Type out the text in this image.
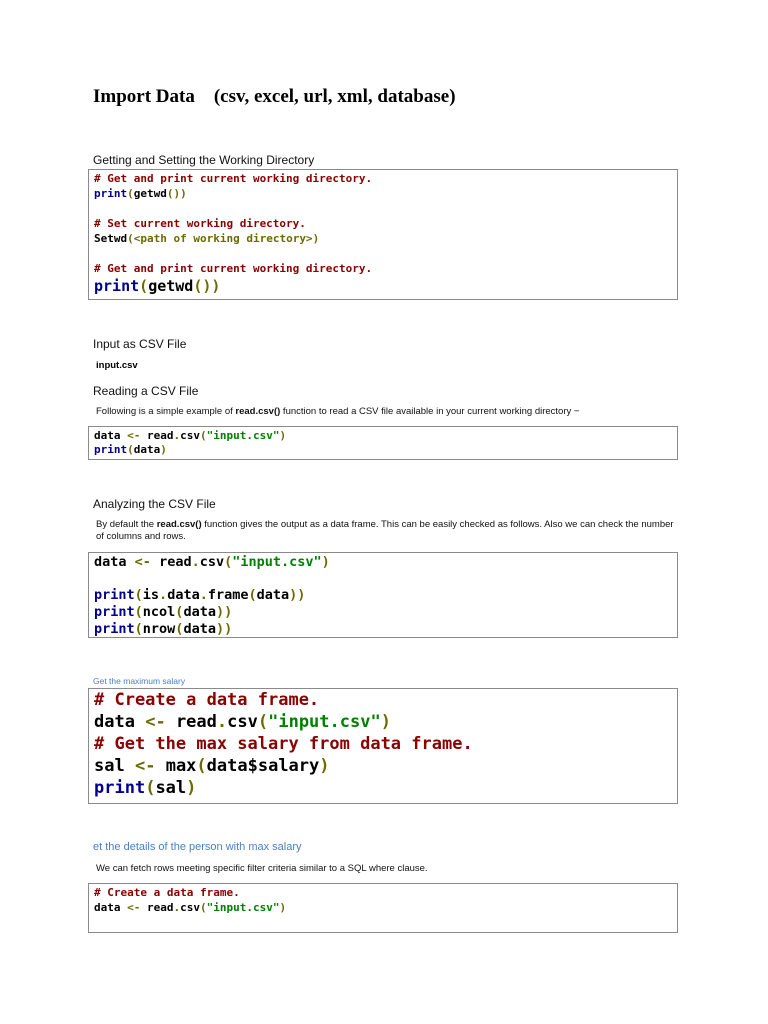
Import Data    (csv, excel, url, xml, database)
Getting and Setting the Working Directory
# Get and print current working directory.
print(getwd())
# Set current working directory.
Setwd(<path of working directory>)
# Get and print current working directory.
print(getwd())
Input as CSV File
input.csv
Reading a CSV File
Following is a simple example of read.csv() function to read a CSV file available in your current working directory −
data <- read.csv("input.csv")
print(data)
Analyzing the CSV File
By default the read.csv() function gives the output as a data frame. This can be easily checked as follows. Also we can check the number of columns and rows.
data <- read.csv("input.csv")
print(is.data.frame(data))
print(ncol(data))
print(nrow(data))
Get the maximum salary
# Create a data frame.
data <- read.csv("input.csv")
# Get the max salary from data frame.
sal <- max(data$salary)
print(sal)
et the details of the person with max salary
We can fetch rows meeting specific filter criteria similar to a SQL where clause.
# Create a data frame.
data <- read.csv("input.csv")
